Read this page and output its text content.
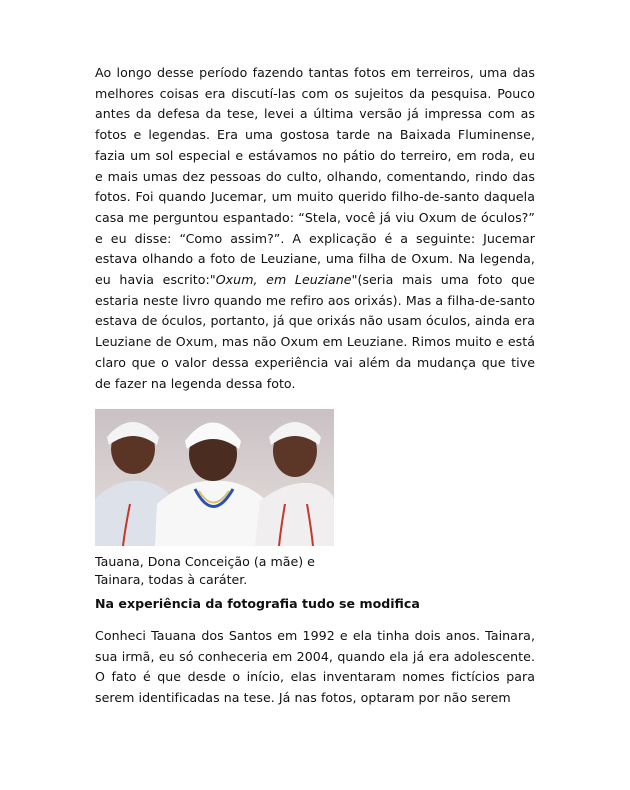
Ao longo desse período fazendo tantas fotos em terreiros, uma das melhores coisas era discutí-las com os sujeitos da pesquisa. Pouco antes da defesa da tese, levei a última versão já impressa com as fotos e legendas. Era uma gostosa tarde na Baixada Fluminense, fazia um sol especial e estávamos no pátio do terreiro, em roda, eu e mais umas dez pessoas do culto, olhando, comentando, rindo das fotos. Foi quando Jucemar, um muito querido filho-de-santo daquela casa me perguntou espantado: “Stela, você já viu Oxum de óculos?” e eu disse: “Como assim?”. A explicação é a seguinte: Jucemar estava olhando a foto de Leuziane, uma filha de Oxum. Na legenda, eu havia escrito:"Oxum, em Leuziane"(seria mais uma foto que estaria neste livro quando me refiro aos orixás). Mas a filha-de-santo estava de óculos, portanto, já que orixás não usam óculos, ainda era Leuziane de Oxum, mas não Oxum em Leuziane. Rimos muito e está claro que o valor dessa experiência vai além da mudança que tive de fazer na legenda dessa foto.

Tauana, Dona Conceição (a mãe) e Tainara, todas à caráter.

Na experiência da fotografia tudo se modifica

Conheci Tauana dos Santos em 1992 e ela tinha dois anos. Tainara, sua irmã, eu só conheceria em 2004, quando ela já era adolescente. O fato é que desde o início, elas inventaram nomes fictícios para serem identificadas na tese. Já nas fotos, optaram por não serem
